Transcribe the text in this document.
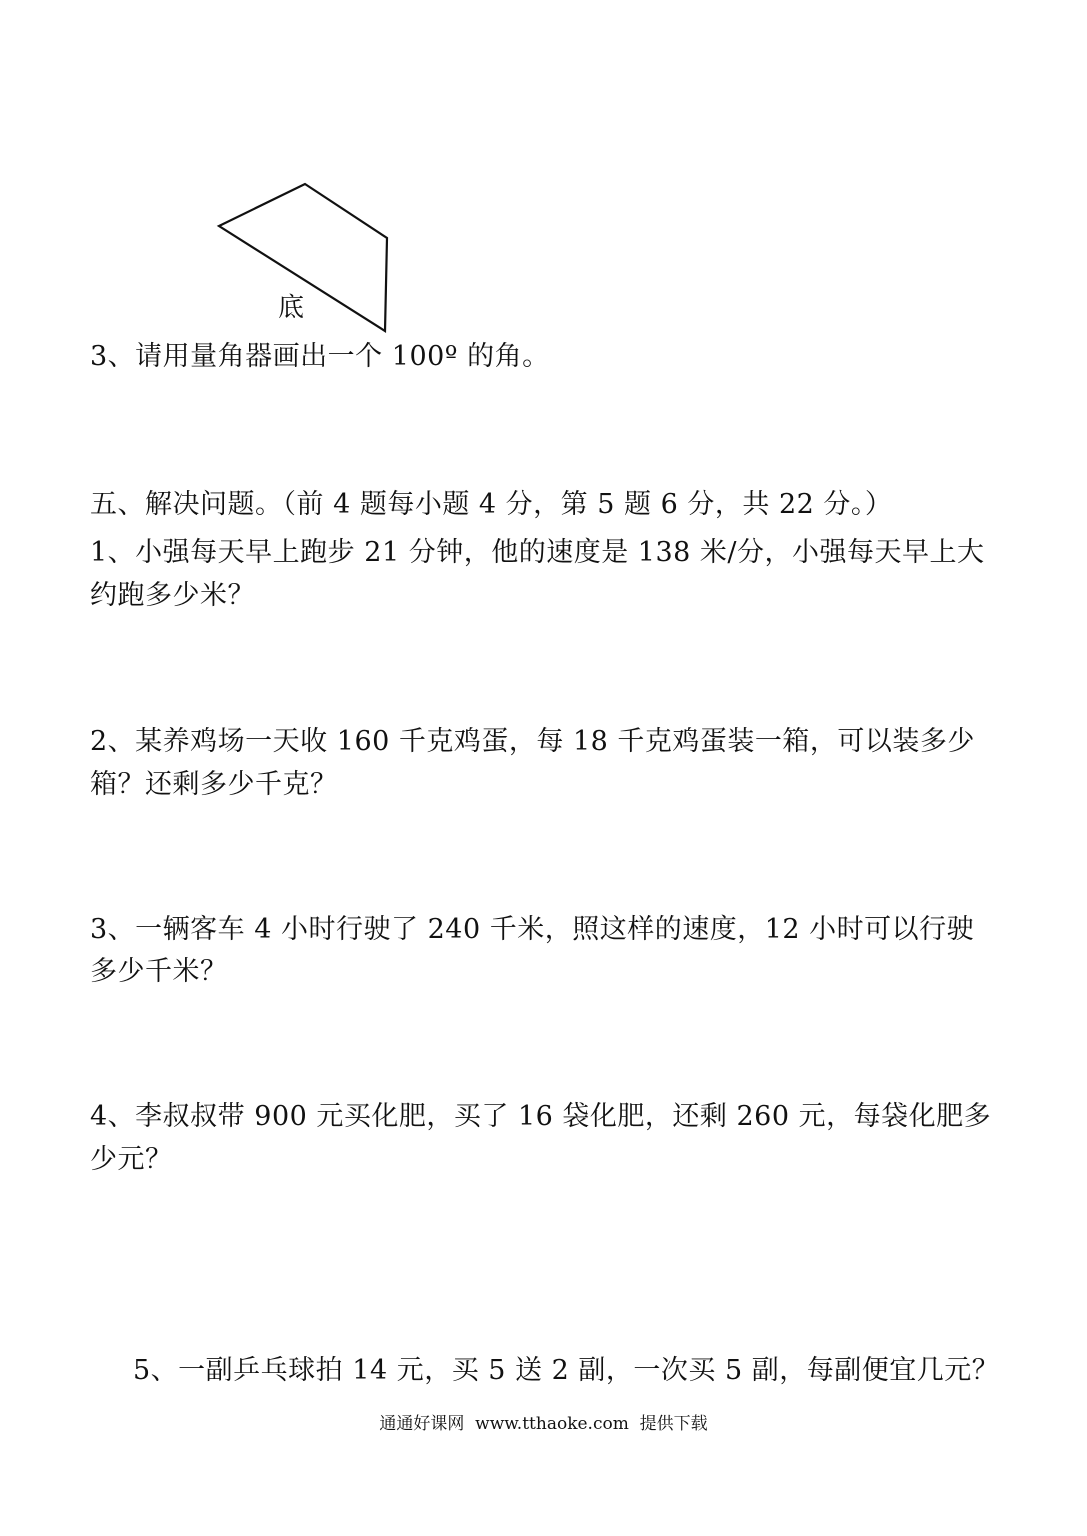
底
3、请用量角器画出一个 100º 的角。
五、解决问题。（前 4 题每小题 4 分，第 5 题 6 分，共 22 分。）
1、小强每天早上跑步 21 分钟，他的速度是 138 米/分，小强每天早上大
约跑多少米？
2、某养鸡场一天收 160 千克鸡蛋，每 18 千克鸡蛋装一箱，可以装多少
箱？还剩多少千克？
3、一辆客车 4 小时行驶了 240 千米，照这样的速度，12 小时可以行驶
多少千米？
4、李叔叔带 900 元买化肥，买了 16 袋化肥，还剩 260 元，每袋化肥多
少元？
5、一副乒乓球拍 14 元，买 5 送 2 副，一次买 5 副，每副便宜几元？
通通好课网  www.tthaoke.com  提供下载
